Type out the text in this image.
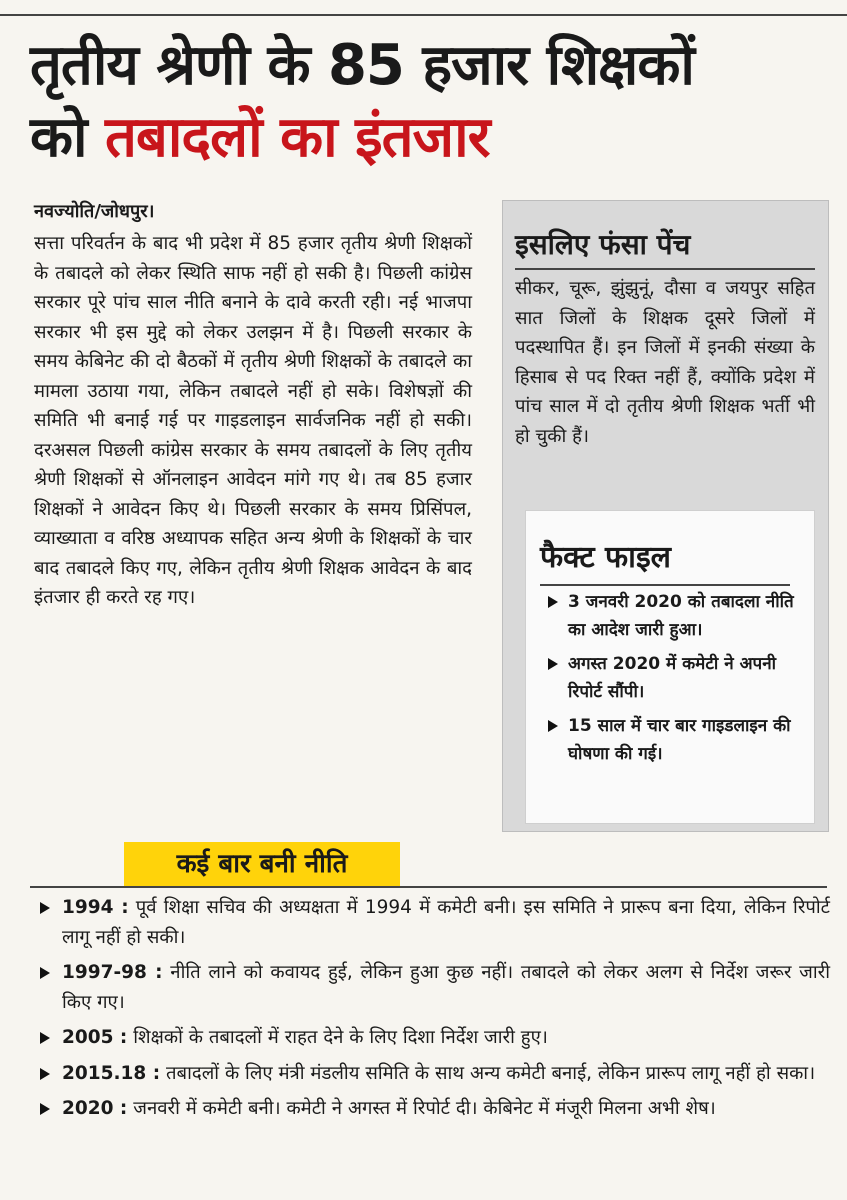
तृतीय श्रेणी के 85 हजार शिक्षकों
को तबादलों का इंतजार
नवज्योति/जोधपुर।
सत्ता परिवर्तन के बाद भी प्रदेश में 85 हजार तृतीय श्रेणी शिक्षकों के तबादले को लेकर स्थिति साफ नहीं हो सकी है। पिछली कांग्रेस सरकार पूरे पांच साल नीति बनाने के दावे करती रही। नई भाजपा सरकार भी इस मुद्दे को लेकर उलझन में है। पिछली सरकार के समय केबिनेट की दो बैठकों में तृतीय श्रेणी शिक्षकों के तबादले का मामला उठाया गया, लेकिन तबादले नहीं हो सके। विशेषज्ञों की समिति भी बनाई गई पर गाइडलाइन सार्वजनिक नहीं हो सकी। दरअसल पिछली कांग्रेस सरकार के समय तबादलों के लिए तृतीय श्रेणी शिक्षकों से ऑनलाइन आवेदन मांगे गए थे। तब 85 हजार शिक्षकों ने आवेदन किए थे। पिछली सरकार के समय प्रिसिंपल, व्याख्याता व वरिष्ठ अध्यापक सहित अन्य श्रेणी के शिक्षकों के चार बाद तबादले किए गए, लेकिन तृतीय श्रेणी शिक्षक आवेदन के बाद इंतजार ही करते रह गए।
इसलिए फंसा पेंच
सीकर, चूरू, झुंझुनूं, दौसा व जयपुर सहित सात जिलों के शिक्षक दूसरे जिलों में पदस्थापित हैं। इन जिलों में इनकी संख्या के हिसाब से पद रिक्त नहीं हैं, क्योंकि प्रदेश में पांच साल में दो तृतीय श्रेणी शिक्षक भर्ती भी हो चुकी हैं।
फैक्ट फाइल
3 जनवरी 2020 को तबादला नीति का आदेश जारी हुआ।
अगस्त 2020 में कमेटी ने अपनी रिपोर्ट सौंपी।
15 साल में चार बार गाइडलाइन की घोषणा की गई।
कई बार बनी नीति
1994 : पूर्व शिक्षा सचिव की अध्यक्षता में 1994 में कमेटी बनी। इस समिति ने प्रारूप बना दिया, लेकिन रिपोर्ट लागू नहीं हो सकी।
1997-98 : नीति लाने को कवायद हुई, लेकिन हुआ कुछ नहीं। तबादले को लेकर अलग से निर्देश जरूर जारी किए गए।
2005 : शिक्षकों के तबादलों में राहत देने के लिए दिशा निर्देश जारी हुए।
2015.18 : तबादलों के लिए मंत्री मंडलीय समिति के साथ अन्य कमेटी बनाई, लेकिन प्रारूप लागू नहीं हो सका।
2020 : जनवरी में कमेटी बनी। कमेटी ने अगस्त में रिपोर्ट दी। केबिनेट में मंजूरी मिलना अभी शेष।
